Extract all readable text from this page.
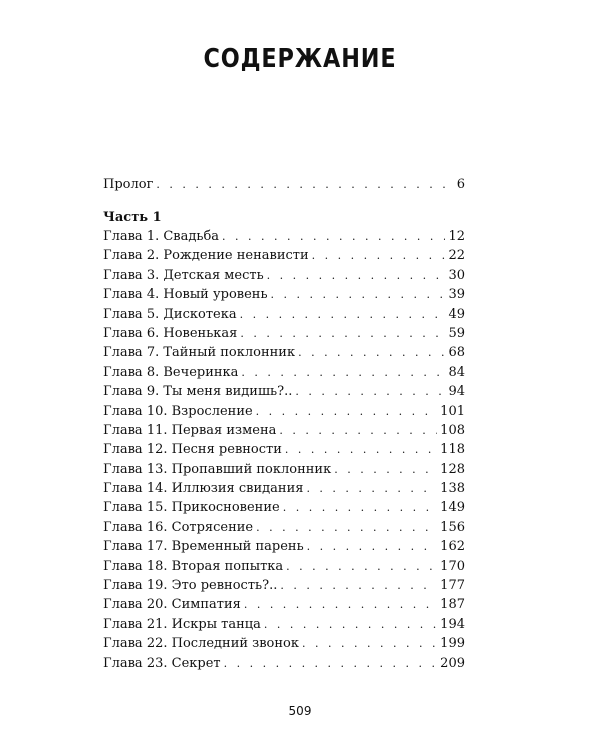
СОДЕРЖАНИЕ
Пролог . . .	6
Часть 1
Глава 1. Свадьба . . .	12
Глава 2. Рождение ненависти . . .	22
Глава 3. Детская месть . . .	30
Глава 4. Новый уровень . . .	39
Глава 5. Дискотека . . .	49
Глава 6. Новенькая . . .	59
Глава 7. Тайный поклонник . . .	68
Глава 8. Вечеринка . . .	84
Глава 9. Ты меня видишь?.. . . .	94
Глава 10. Взросление . . .	101
Глава 11. Первая измена . . .	108
Глава 12. Песня ревности . . .	118
Глава 13. Пропавший поклонник . . .	128
Глава 14. Иллюзия свидания . . .	138
Глава 15. Прикосновение . . .	149
Глава 16. Сотрясение . . .	156
Глава 17. Временный парень . . .	162
Глава 18. Вторая попытка . . .	170
Глава 19. Это ревность?.. . . .	177
Глава 20. Симпатия . . .	187
Глава 21. Искры танца . . .	194
Глава 22. Последний звонок . . .	199
Глава 23. Секрет . . .	209
509
